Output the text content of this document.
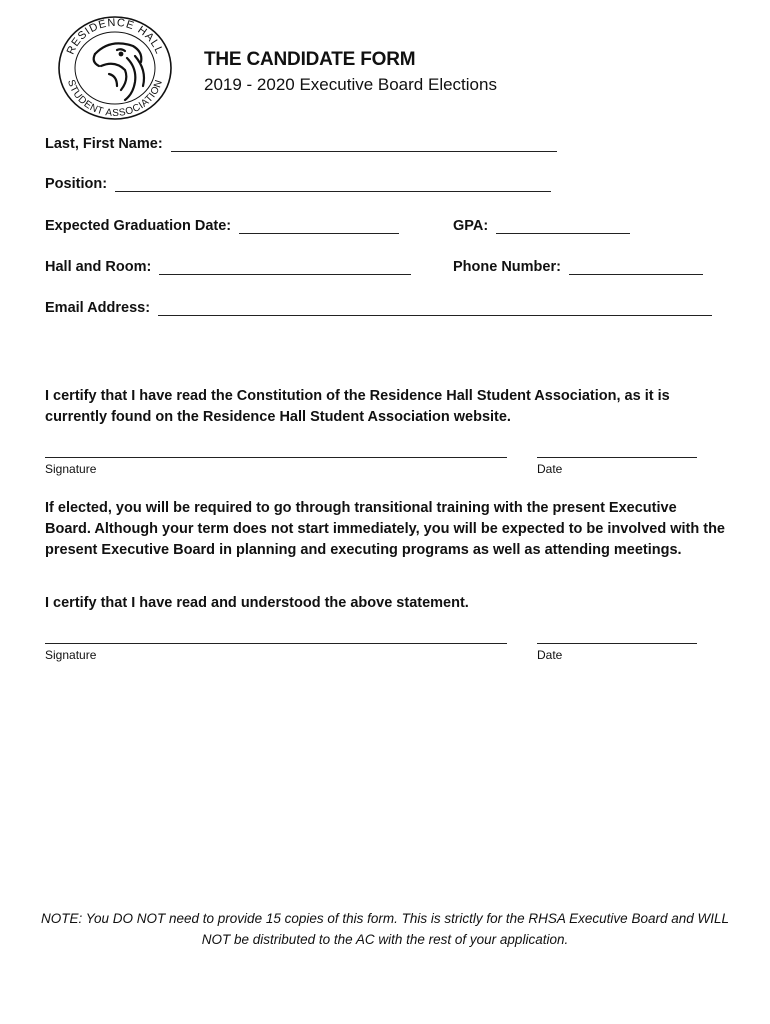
RESIDENCE HALL
STUDENT ASSOCIATION
THE CANDIDATE FORM
2019 - 2020 Executive Board Elections
Last, First Name:
Position:
Expected Graduation Date:	GPA:
Hall and Room:	Phone Number:
Email Address:
I certify that I have read the Constitution of the Residence Hall Student Association, as it is currently found on the Residence Hall Student Association website.
Signature	Date
If elected, you will be required to go through transitional training with the present Executive Board. Although your term does not start immediately, you will be expected to be involved with the present Executive Board in planning and executing programs as well as attending meetings.
I certify that I have read and understood the above statement.
Signature	Date
NOTE: You DO NOT need to provide 15 copies of this form. This is strictly for the RHSA Executive Board and WILL NOT be distributed to the AC with the rest of your application.
